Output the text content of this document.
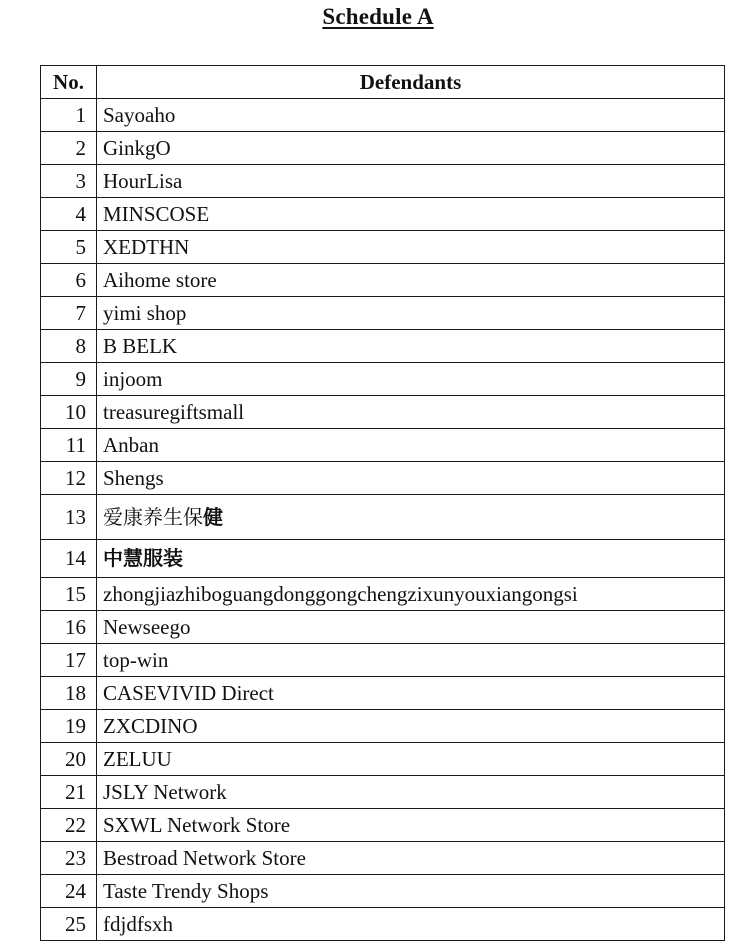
Schedule A
No.	Defendants
1	Sayoaho
2	GinkgO
3	HourLisa
4	MINSCOSE
5	XEDTHN
6	Aihome store
7	yimi shop
8	B BELK
9	injoom
10	treasuregiftsmall
11	Anban
12	Shengs
13	爱康养生保健
14	中慧服装
15	zhongjiazhiboguangdonggongchengzixunyouxiangongsi
16	Newseego
17	top-win
18	CASEVIVID Direct
19	ZXCDINO
20	ZELUU
21	JSLY Network
22	SXWL Network Store
23	Bestroad Network Store
24	Taste Trendy Shops
25	fdjdfsxh
